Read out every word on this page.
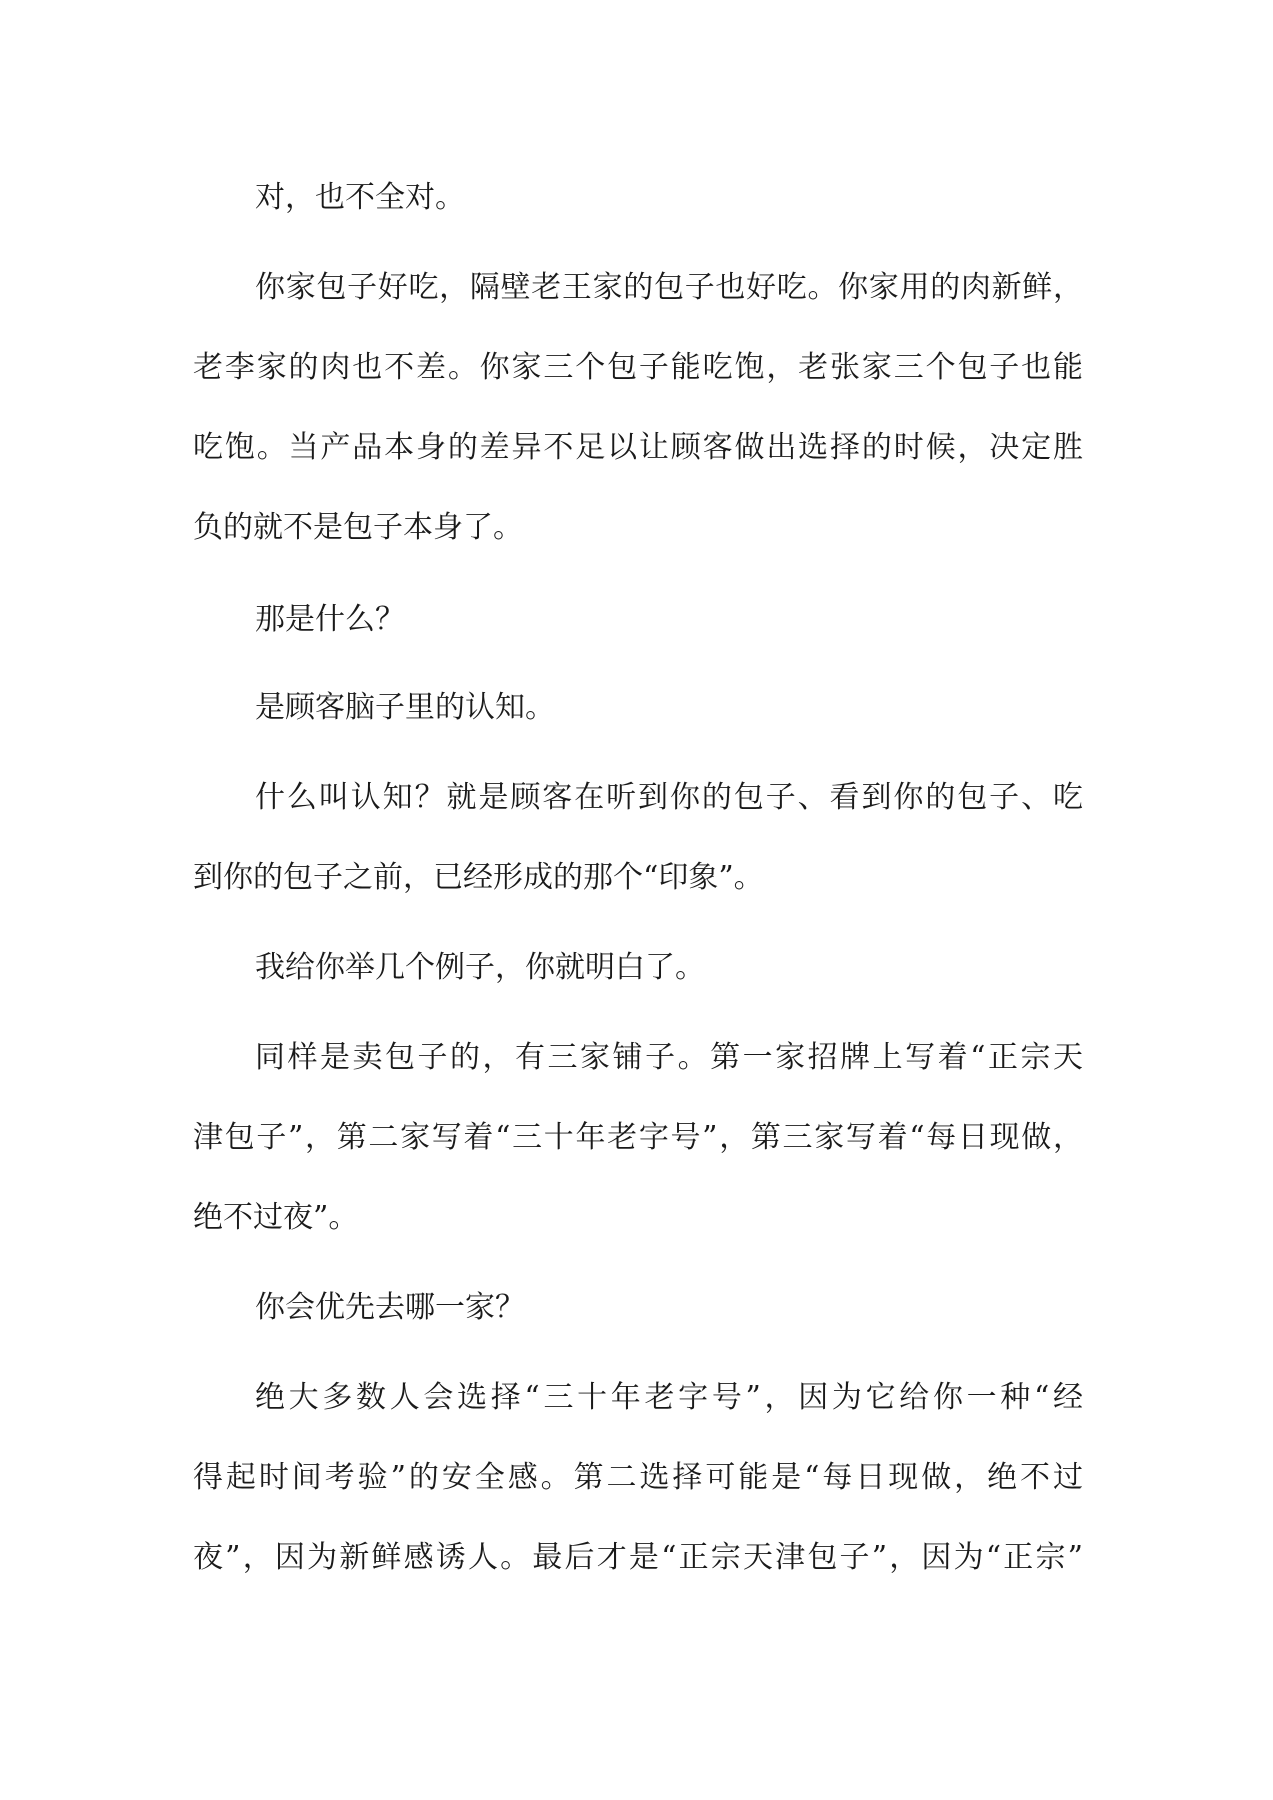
对，也不全对。
你家包子好吃，隔壁老王家的包子也好吃。你家用的肉新鲜，
老李家的肉也不差。你家三个包子能吃饱，老张家三个包子也能
吃饱。当产品本身的差异不足以让顾客做出选择的时候，决定胜
负的就不是包子本身了。
那是什么？
是顾客脑子里的认知。
什么叫认知？就是顾客在听到你的包子、看到你的包子、吃
到你的包子之前，已经形成的那个“印象”。
我给你举几个例子，你就明白了。
同样是卖包子的，有三家铺子。第一家招牌上写着“正宗天
津包子”，第二家写着“三十年老字号”，第三家写着“每日现做，
绝不过夜”。
你会优先去哪一家？
绝大多数人会选择“三十年老字号”，因为它给你一种“经
得起时间考验”的安全感。第二选择可能是“每日现做，绝不过
夜”，因为新鲜感诱人。最后才是“正宗天津包子”，因为“正宗”
